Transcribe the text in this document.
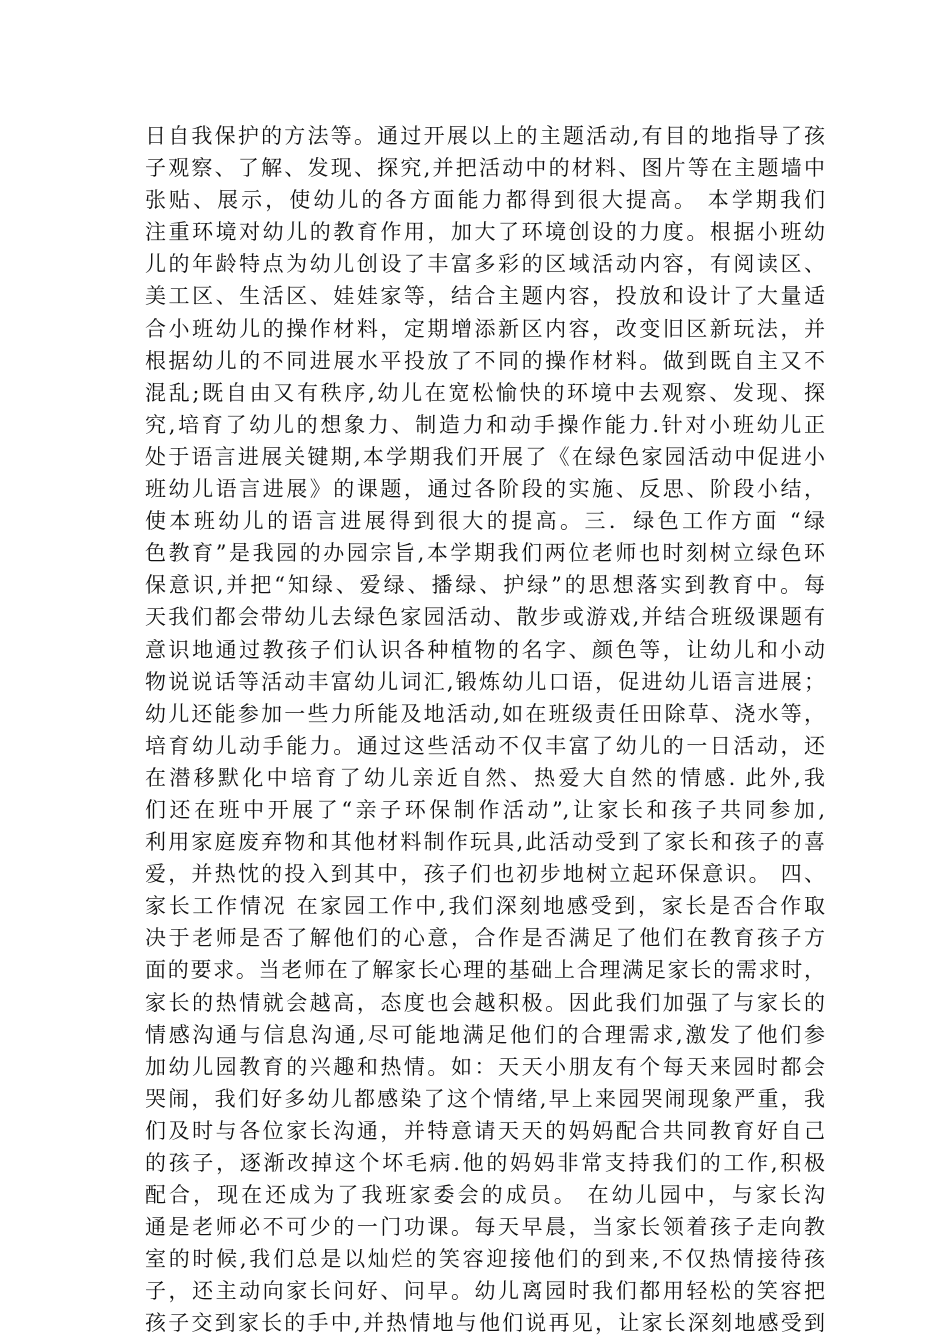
日自我保护的方法等。通过开展以上的主题活动,有目的地指导了孩
子观察、了解、发现、探究,并把活动中的材料、图片等在主题墙中
张贴、展示，使幼儿的各方面能力都得到很大提高。 本学期我们
注重环境对幼儿的教育作用，加大了环境创设的力度。根据小班幼
儿的年龄特点为幼儿创设了丰富多彩的区域活动内容，有阅读区、
美工区、生活区、娃娃家等，结合主题内容，投放和设计了大量适
合小班幼儿的操作材料，定期增添新区内容，改变旧区新玩法，并
根据幼儿的不同进展水平投放了不同的操作材料。做到既自主又不
混乱;既自由又有秩序,幼儿在宽松愉快的环境中去观察、发现、探
究,培育了幼儿的想象力、制造力和动手操作能力.针对小班幼儿正
处于语言进展关键期,本学期我们开展了《在绿色家园活动中促进小
班幼儿语言进展》的课题，通过各阶段的实施、反思、阶段小结，
使本班幼儿的语言进展得到很大的提高。三．绿色工作方面 “绿
色教育”是我园的办园宗旨,本学期我们两位老师也时刻树立绿色环
保意识,并把“知绿、爱绿、播绿、护绿”的思想落实到教育中。每
天我们都会带幼儿去绿色家园活动、散步或游戏,并结合班级课题有
意识地通过教孩子们认识各种植物的名字、颜色等，让幼儿和小动
物说说话等活动丰富幼儿词汇,锻炼幼儿口语，促进幼儿语言进展；
幼儿还能参加一些力所能及地活动,如在班级责任田除草、浇水等，
培育幼儿动手能力。通过这些活动不仅丰富了幼儿的一日活动，还
在潜移默化中培育了幼儿亲近自然、热爱大自然的情感. 此外,我
们还在班中开展了“亲子环保制作活动”,让家长和孩子共同参加,
利用家庭废弃物和其他材料制作玩具,此活动受到了家长和孩子的喜
爱，并热忱的投入到其中，孩子们也初步地树立起环保意识。 四、
家长工作情况 在家园工作中,我们深刻地感受到，家长是否合作取
决于老师是否了解他们的心意，合作是否满足了他们在教育孩子方
面的要求。当老师在了解家长心理的基础上合理满足家长的需求时，
家长的热情就会越高，态度也会越积极。因此我们加强了与家长的
情感沟通与信息沟通,尽可能地满足他们的合理需求,激发了他们参
加幼儿园教育的兴趣和热情。如：天天小朋友有个每天来园时都会
哭闹，我们好多幼儿都感染了这个情绪,早上来园哭闹现象严重，我
们及时与各位家长沟通，并特意请天天的妈妈配合共同教育好自己
的孩子，逐渐改掉这个坏毛病.他的妈妈非常支持我们的工作,积极
配合，现在还成为了我班家委会的成员。 在幼儿园中，与家长沟
通是老师必不可少的一门功课。每天早晨，当家长领着孩子走向教
室的时候,我们总是以灿烂的笑容迎接他们的到来,不仅热情接待孩
子，还主动向家长问好、问早。幼儿离园时我们都用轻松的笑容把
孩子交到家长的手中,并热情地与他们说再见，让家长深刻地感受到
